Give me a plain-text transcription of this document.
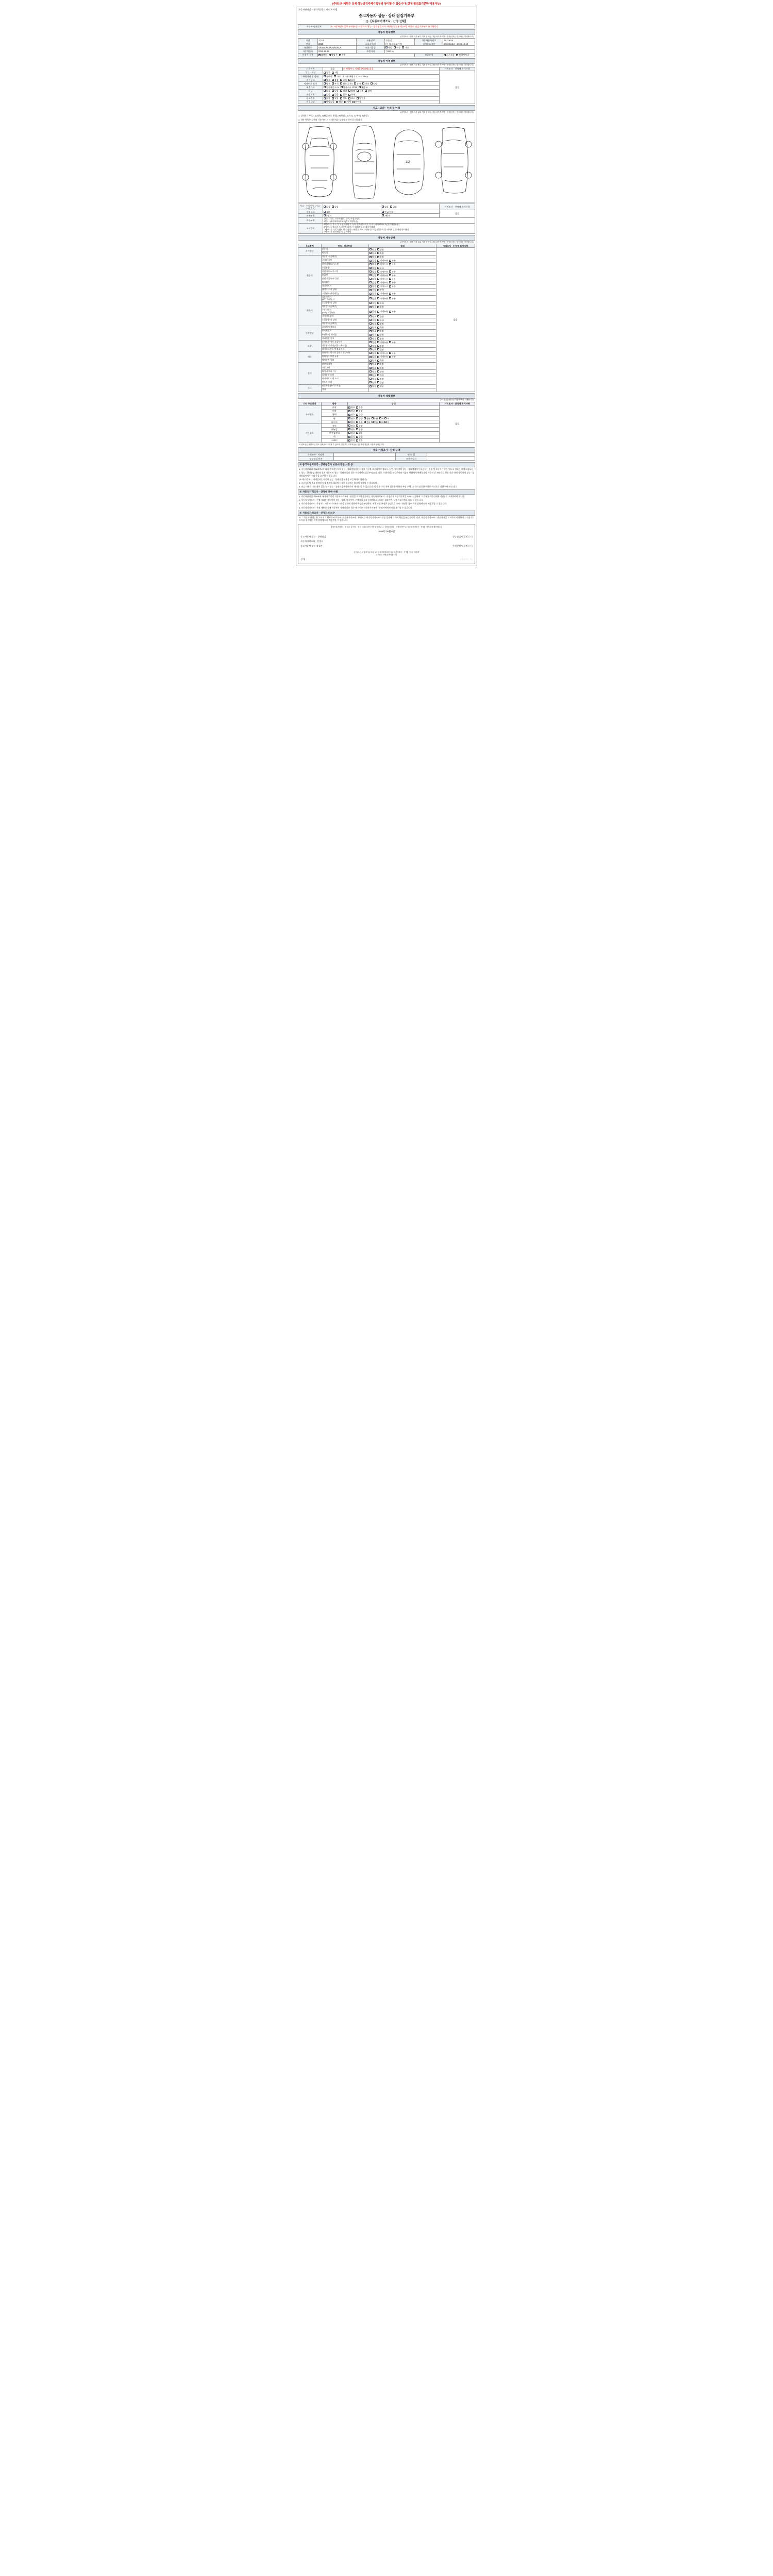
[주의] 본 체험은 실제 성능점검자체기록부와 상이할 수 있습니다 (실제 점검표기본만 이용가능)
자동차관리법 시행규칙 [별지 제82호서식]
중고자동차 성능 · 상태 점검기록부
( ) 【자동차가격조사 · 산정 선택】
자동차 명세정보	※ 자동차인도일로 부터(또는 자동차의 성능 · 상태점검자가 서명한 날로부터) 30일 이내의 점검기록부만 유효합니다.
자동차 명세정보
(가격조사 · 산정자가 필수 기재 항목임, 자동차가격조사 · 산정을 받는 경우에만 기재합니다.)
차명	액스와	사용연료	가솔린	자동차등록번호	1X22XXX
연식	2023	최초등록일	(년 검사유효기간)	검사유효기간	2022.12.13 ~ 2026.12.13
차대번호	XXABCXXXXX1X0XXX	변속기종류	✓자동 수동 기타
자동차등록	2022.12.13	주행거리	7,000 ㎞		
사용자 구분	✓대여용 영업용 관용			보증유형	✓자가보증 보험사보증
자동차 이력정보
(가격조사 · 산정자가 필수 기재 항목임, 자동차가격조사 · 산정을 받는 경우에만 기재합니다.)
사용이력	없음	※ 보험사고 이력(내차피해) 있음	가격조사 · 산정액 특기사항
압류 · 저당	압류 저당		없음
주행거리 및 상태	✓실주행 기타 계기판 주행거리 192,700㎞
계기상태	✓양호 불량 교체 조작
차대번호 표기	✓양호 부식 훼손(오손) 상이 변경 도말
배출가스	일산화탄소 % 탄화수소 PPM 매연 %		
튜닝	✓없음 있음 적법 불법 구조 장치
특별이력	✓없음 있음 침수 화재
용도변경	✓없음 있음 렌트 리스 영업용
리콜대상	✓해당없음 해당 이행 미이행
사고 · 교환 · 수리 등 이력
(가격조사 · 산정자가 필수 기재 항목임, 자동차가격조사 · 산정을 받는 경우에만 기재합니다.)
1. 상태표시 부호 : 1(교환), X(판금 또는 용접), W(용접), A(사고), C(부식), T(흠집)
2. 하단 항목은 실제의 기준이며, 기타 자동차는 실제에 준하여 표시합니다.
1/2
사고 · 수리이력 (사고 · 수리 흔적)	✓없음 있음	✓없음 있음	가격조사 · 산정액 특기사항
수리필요	✓교환	✓판금/용접	없음
외판부위	✓1랭크	2랭크	
외판부위	1랭크 : 후드, 프론트휀더, 도어, 트렁크리드
2랭크 : 라디에이터서포트(볼트체결부품)		

주요골격	A랭크 : ① 후드 ② 프론트휀더 ③ 도어 ④ 트렁크리드 ⑤ 라디에이터서포트(볼트체결부품)
B랭크 : ⑥ 휠하우스(프론트/리어) ⑦ 대쉬패널 ⑧ 플로어패널
C랭크 : ⑨ 크로스멤버 ⑩ 인사이드패널 ⑪ 사이드멤버 ⑫ 트렁크플로어 ⑬ 리어패널 ⑭ 패키지트레이
D랭크 : ⑮ 필러패널 ⑯ 루프패널		
자동차 세부상태
(가격조사 · 산정자가 필수 기재 항목임, 자동차가격조사 · 산정을 받는 경우에만 기재합니다.)
주요장치	항목 / 해당부품	상태	가격조사 · 산정액 특기사항
자기진단	원동기	✓양호 불량	없음
	변속기	✓양호 불량
원동기	작동상태(공회전)	✓양호 불량
	로커암 커버	✓없음 미세누유 누유
	실린더 헤드/가스켓	✓없음 미세누유 누유
	오일유량	✓적정 부족
	실린더헤드/가스켓	✓없음 미세누유 누유
	오일팬	✓없음 미세누유 누유
	실린더 블록/오일팬	✓없음 미세누유 누유
	워터펌프	✓없음 미세누수 누수
	라디에이터	✓없음 미세누수 누수
	냉각수 수축 상태	✓적정 부족
	고압펌프(커먼레일)	✓없음 미세누유 누유
변속기	자동변속기
(A/T) 오일누유	✓없음 미세누유 누유
	오일유량 및 상태	✓적정 부족
	작동상태(공회전)	✓양호 불량
	수동변속기
(M/T) 오일누유	✓없음 미세누유 누유
	기어변속장치	✓양호 불량
	오일유량 및 상태	✓적정 부족
	작동상태(공회전)	✓양호 불량
동력전달	클러치 어셈블리	✓양호 불량
	등속죠인트	✓양호 불량
	추진축 및 베어링	✓양호 불량
	디퍼렌셜 기어	✓양호 불량
조향	동력조향 작동 오일누유	✓없음 미세누유 누유
	작동상태 기어(작동 · 베어링)	✓양호 불량
	타이로드엔드 및 볼조인트	✓양호 불량
제동	브레이크 마스터 실린더오일누유	✓없음 미세누유 누유
	브레이크 오일 누유	✓없음 미세누유 누유
	배력장치 상태	✓양호 불량
전기	발전기 출력	✓양호 불량
	시동 모터	✓양호 불량
	와이퍼 모터 기능	✓양호 불량
	실내송풍 모터	✓양호 불량
	라디에이터 팬 모터	✓양호 불량
	윈도우 모터	✓양호 불량
기타	연료누출(LP가스포함)	✓없음 있음
	기타		
자동차 상태정보
(※ 점검을 원하는 자동차에만 기재합니다)
기타 주요장치	항목	상태	가격조사 · 산정액 특기사항
수리필요	외장	✓양호 불량	없음
	내장	✓양호 불량
	광택	✓양호 불량
	휠	✓양호 불량 전륜 후륜 좌 우
	타이어	✓양호 불량 전륜 후륜 좌 우
기본품목	유리	✓양호 불량
	매뉴얼	✓양호 불량
	안전삼각대	✓있음 없음
	잭	✓있음 없음
	스패너	✓있음 없음
※ 번호판은 뒷면 또는 별도 인쇄물로 교부할 수 있으며, 점검기록부의 내용은 점검자가 점검한 시점의 상태입니다.
제출 가격조사 · 산정 금액
가격조사 · 산정액		연 월 일	
성능점검 의견		조사산정자	
※ 중고자동차보증 - 상태점검자 보증에 관한 사항 등
1. 자동차관리법 제58조의4에 따라 중고자동차의 성능 · 상태점검자는 다음의 사항을 보증하여야 합니다. 다만, 자동차의 성능 · 상태점검자가 보증하는 범위 및 보증기간 등은 별도로 정하는 바에 따릅니다.
2. 성능 · 상태점검 내용과 실제 자동차의 성능 · 상태가 다른 경우 자동차인도일로부터 30일 이상, 주행거리 2천킬로미터 이상의 범위에서 매매업자와 매수인 간 계약으로 정한 기간 내에 자동차의 성능 · 상태점검자에게 수리 등을 요구할 수 있습니다.
(※ 매도인 또는 매매업자는 자동차 성능 · 상태점검 내용을 보증하여야 합니다.)
3. 중고자동차 주요 장치별 점검 결과에 대하여 다음의 경우에는 보증이 제한될 수 있습니다.
4. 점검 내용과 다른 점이 있는 경우 성능 · 상태점검자에게 이의 제기를 할 수 있습니다. 이 경우 수리 등에 필요한 비용의 부담 주체, 그 밖의 필요한 사항은 계약으로 정한 바에 따릅니다.
※ 자동차가격조사 · 산정에 관한 사항
1. 자동차관리법 제58조에 따라 매수인이 자동차가격조사 · 산정을 의뢰한 경우에는 자동차가격조사 · 산정자가 자동차가격을 조사 · 산정하여 그 결과를 매수인에게 서면으로 고지하여야 합니다.
2. 자동차가격조사 · 산정 결과는 자동차의 성능 · 상태, 사고이력, 주행거리 등을 종합적으로 고려한 결과이며, 실제 거래가격과 다를 수 있습니다.
3. 자동차가격조사 · 산정자는 자동차가격조사 · 산정 결과에 대하여 책임을 부담하며, 허위 또는 부정한 방법으로 조사 · 산정한 경우 관계 법령에 따라 처벌받을 수 있습니다.
4. 자동차가격조사 · 산정 내용과 실제 자동차의 가격이 다른 경우 매수인은 자동차가격조사 · 산정자에게 이의를 제기할 수 있습니다.
※ 자동차가격조사 · 산정자의 의무
※ 「자동차 산정」은 교차처가 확보하여야 하며, 자동차가격조사 · 산정자는 자동차가격조사 · 산정 결과에 대하여 책임을 부담합니다. 다만, 자동차가격조사 · 산정 내용을 고지하지 아니하거나 거짓으로 고지한 경우에는 관계 법령에 따라 처벌받을 수 있습니다.
【자동차판매자】 및 매수 및 성능 · 점검 서류의 확인 사항에 대한 ( ) 1 【자동차점검 · 산정을 받은 ( ) 자동차가격조사 · 산정】 여부등을 확인합니다.
2008년 00월 0일
중고자동차 성능 · 상태점검	성능점검자(성명) (인)
자동차가격조사 · 산정자
중고자동차 성능 점검자	가격산정자(성명) (인)
본인(또는 본 중고자동차의 성능점검기록부의)【자동차가격조사 · 산정】 안내 · 설명을
교부받고 서명을 확인합니다.
성 명 :	(서명 또는 인)
